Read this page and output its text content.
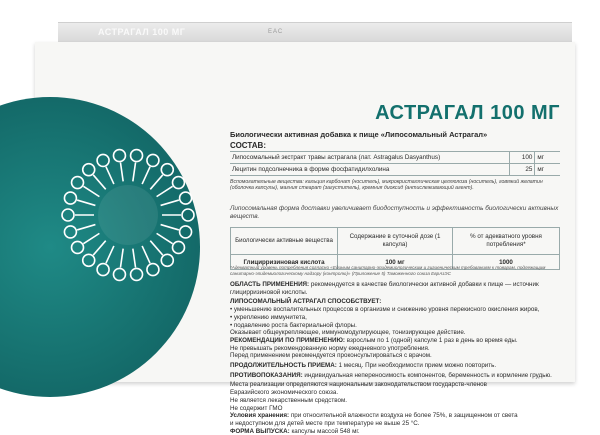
АСТРАГАЛ 100 МГ	ЕАС
АСТРАГАЛ 100 МГ
Биологически активная добавка к пище «Липосомальный Астрагал»
СОСТАВ:
Липосомальный экстракт травы астрагала (лат. Astragalus Dasyanthus)	100	мг
Лецитин подсолнечника в форме фосфатидилхолина	25	мг
Вспомогательные вещества: кальция карбонат (носитель), микрокристаллическая целлюлоза (носитель), говяжий желатин (оболочка капсулы), магния стеарат (загуститель), кремния диоксид (антислеживающий агент).
Липосомальная форма доставки увеличивает биодоступность и эффективность биологически активных веществ.
Биологически активные вещества	Содержание в суточной дозе (1 капсула)	% от адекватного уровня потребления*
Глицирризиновая кислота	100 мг	1000
*Адекватный уровень потребления согласно «Единым санитарно-эпидемиологическим и гигиеническим требованиям к товарам, подлежащим санитарно-эпидемиологическому надзору (контролю)» (Приложение 5) Таможенного союза ЕврАзЭС

ОБЛАСТЬ ПРИМЕНЕНИЯ: рекомендуется в качестве биологически активной добавки к пище — источник глицирризиновой кислоты.

ЛИПОСОМАЛЬНЫЙ АСТРАГАЛ СПОСОБСТВУЕТ:

• уменьшению воспалительных процессов в организме и снижению уровня перекисного окисления жиров,

• укреплению иммунитета,

• подавлению роста бактериальной флоры.

Оказывает общеукрепляющее, иммуномодулирующее, тонизирующее действие.

РЕКОМЕНДАЦИИ ПО ПРИМЕНЕНИЮ: взрослым по 1 (одной) капсуле 1 раз в день во время еды.

Не превышать рекомендованную норму ежедневного употребления.

Перед применением рекомендуется проконсультироваться с врачом.

ПРОДОЛЖИТЕЛЬНОСТЬ ПРИЕМА: 1 месяц. При необходимости прием можно повторить.

ПРОТИВОПОКАЗАНИЯ: индивидуальная непереносимость компонентов, беременность и кормление грудью.

Места реализации определяются национальным законодательством государств-членов

Евразийского экономического союза.

Не является лекарственным средством.

Не содержит ГМО

Условия хранения: при относительной влажности воздуха не более 75%, в защищенном от света

и недоступном для детей месте при температуре не выше 25 °С.

ФОРМА ВЫПУСКА: капсулы массой 548 мг.
